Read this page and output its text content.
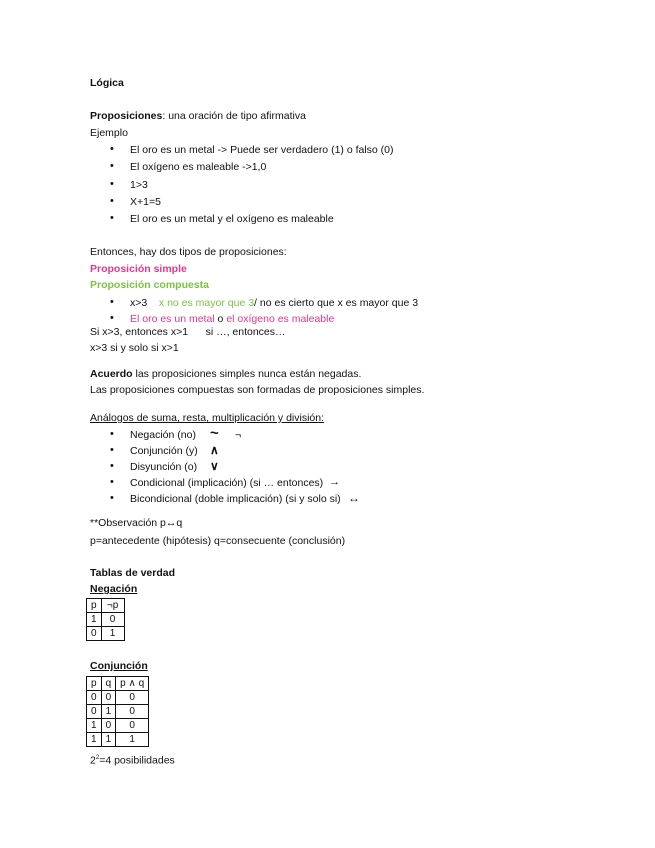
Lógica
Proposiciones: una oración de tipo afirmativa
Ejemplo
• El oro es un metal -> Puede ser verdadero (1) o falso (0)
• El oxígeno es maleable ->1,0
• 1>3
• X+1=5
• El oro es un metal y el oxígeno es maleable
Entonces, hay dos tipos de proposiciones:
Proposición simple
Proposición compuesta
• x>3 x no es mayor que 3/ no es cierto que x es mayor que 3
• El oro es un metal o el oxígeno es maleable
Si x>3, entonces x>1      si …, entonces…
x>3 si y solo si x>1
Acuerdo las proposiciones simples nunca están negadas.
Las proposiciones compuestas son formadas de proposiciones simples.
Análogos de suma, resta, multiplicación y división:
• Negación (no) ~ ¬
• Conjunción (y) ∧
• Disyunción (o) ∨
• Condicional (implicación) (si … entonces) →
• Bicondicional (doble implicación) (si y solo si) ↔
**Observación p↔q
p=antecedente (hipótesis) q=consecuente (conclusión)
Tablas de verdad
Negación
p	¬p
1	0
0	1
Conjunción
p	q	p ∧ q
0	0	0
0	1	0
1	0	0
1	1	1
$2^2=4$ posibilidades
